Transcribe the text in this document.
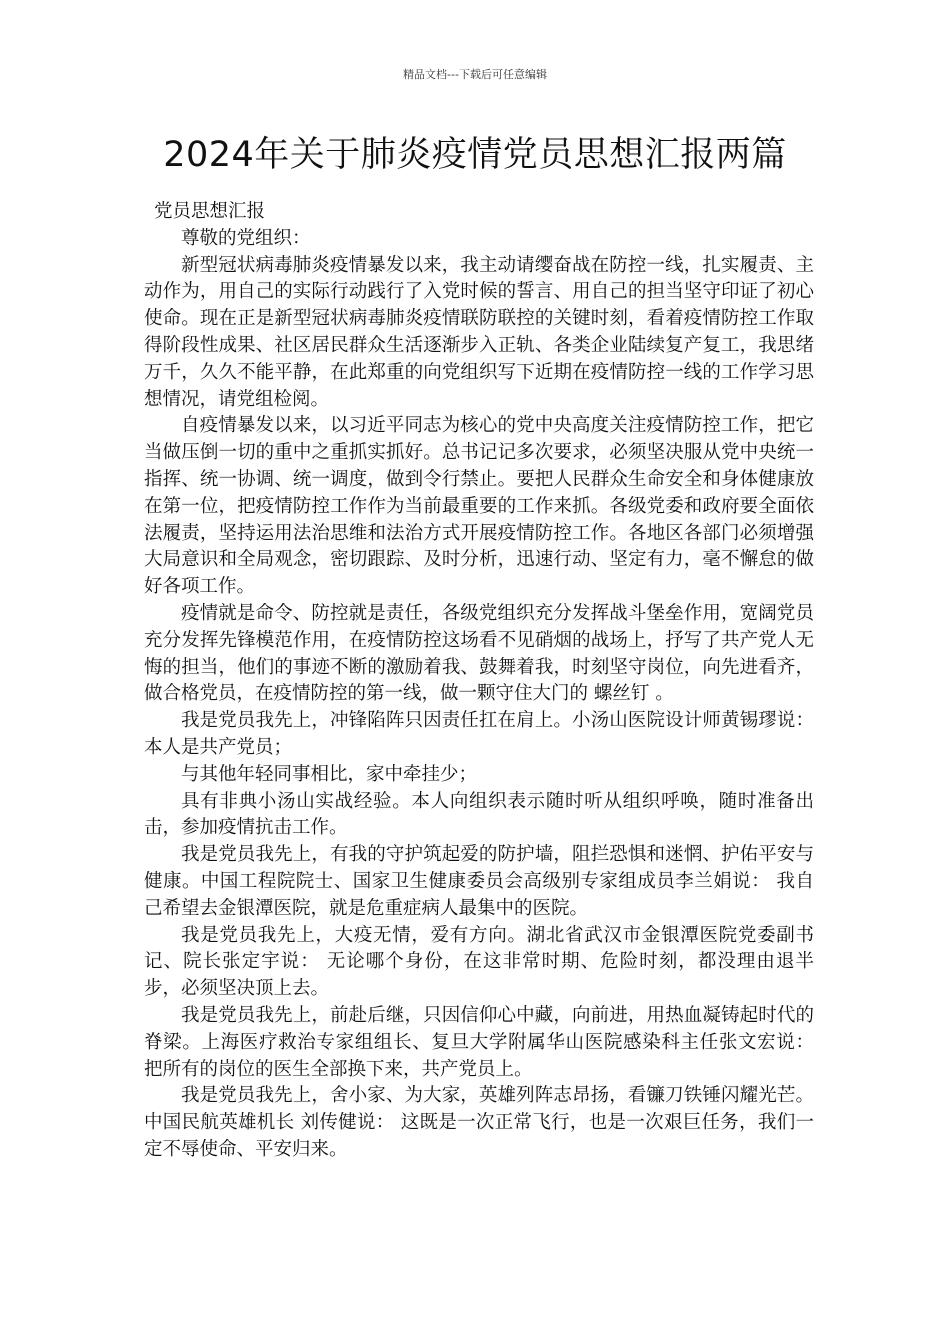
精品文档---下载后可任意编辑
2024年关于肺炎疫情党员思想汇报两篇

党员思想汇报

尊敬的党组织：

新型冠状病毒肺炎疫情暴发以来，我主动请缨奋战在防控一线，扎实履责、主动作为，用自己的实际行动践行了入党时候的誓言、用自己的担当坚守印证了初心使命。现在正是新型冠状病毒肺炎疫情联防联控的关键时刻，看着疫情防控工作取得阶段性成果、社区居民群众生活逐渐步入正轨、各类企业陆续复产复工，我思绪万千，久久不能平静，在此郑重的向党组织写下近期在疫情防控一线的工作学习思想情况，请党组检阅。

自疫情暴发以来，以习近平同志为核心的党中央高度关注疫情防控工作，把它当做压倒一切的重中之重抓实抓好。总书记记多次要求，必须坚决服从党中央统一指挥、统一协调、统一调度，做到令行禁止。要把人民群众生命安全和身体健康放在第一位，把疫情防控工作作为当前最重要的工作来抓。各级党委和政府要全面依法履责，坚持运用法治思维和法治方式开展疫情防控工作。各地区各部门必须增强大局意识和全局观念，密切跟踪、及时分析，迅速行动、坚定有力，毫不懈怠的做好各项工作。

疫情就是命令、防控就是责任，各级党组织充分发挥战斗堡垒作用，宽阔党员充分发挥先锋模范作用，在疫情防控这场看不见硝烟的战场上，抒写了共产党人无悔的担当，他们的事迹不断的激励着我、鼓舞着我，时刻坚守岗位，向先进看齐，做合格党员，在疫情防控的第一线，做一颗守住大门的 螺丝钉 。

我是党员我先上，冲锋陷阵只因责任扛在肩上。小汤山医院设计师黄锡璆说： 本人是共产党员；

与其他年轻同事相比，家中牵挂少；

具有非典小汤山实战经验。本人向组织表示随时听从组织呼唤，随时准备出击，参加疫情抗击工作。

我是党员我先上，有我的守护筑起爱的防护墙，阻拦恐惧和迷惘、护佑平安与健康。中国工程院院士、国家卫生健康委员会高级别专家组成员李兰娟说： 我自己希望去金银潭医院，就是危重症病人最集中的医院。

我是党员我先上，大疫无情，爱有方向。湖北省武汉市金银潭医院党委副书记、院长张定宇说： 无论哪个身份，在这非常时期、危险时刻，都没理由退半步，必须坚决顶上去。

我是党员我先上，前赴后继，只因信仰心中藏，向前进，用热血凝铸起时代的脊梁。上海医疗救治专家组组长、复旦大学附属华山医院感染科主任张文宏说： 把所有的岗位的医生全部换下来，共产党员上。

我是党员我先上，舍小家、为大家，英雄列阵志昂扬，看镰刀铁锤闪耀光芒。 中国民航英雄机长 刘传健说： 这既是一次正常飞行，也是一次艰巨任务，我们一定不辱使命、平安归来。
